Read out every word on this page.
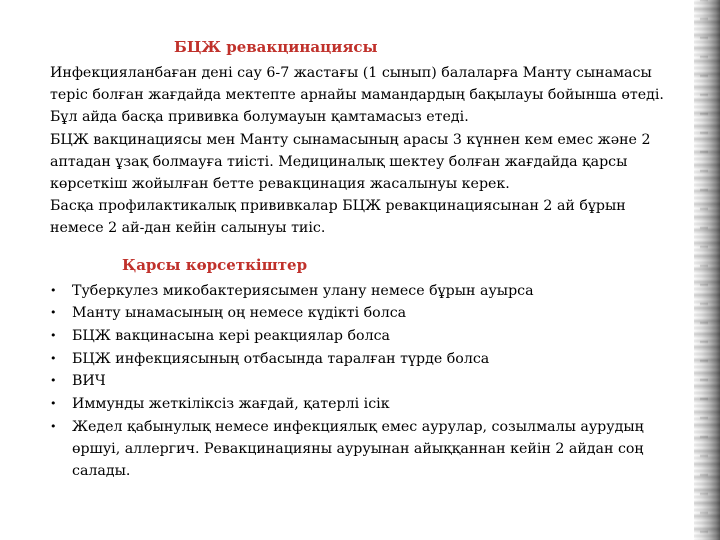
БЦЖ ревакцинациясы

Инфекцияланбаған дені сау 6-7 жастағы (1 сынып) балаларға Манту сынамасы теріс болған жағдайда мектепте арнайы мамандардың бақылауы бойынша өтеді. Бұл айда басқа прививка болумауын қамтамасыз етеді.

БЦЖ вакцинациясы мен Манту сынамасының арасы 3 күннен кем емес және 2 аптадан ұзақ болмауға тиісті. Медициналық шектеу болған жағдайда қарсы көрсеткіш жойылған бетте ревакцинация жасалынуы керек.

Басқа профилактикалық прививкалар БЦЖ ревакцинациясынан 2 ай бұрын немесе 2 ай-дан кейін салынуы тиіс.

Қарсы көрсеткіштер
• Туберкулез микобактериясымен улану немесе бұрын ауырса
• Манту ынамасының оң немесе күдікті болса
• БЦЖ вакцинасына кері реакциялар болса
• БЦЖ инфекциясының отбасында таралған түрде болса
• ВИЧ
• Иммунды жеткіліксіз жағдай, қатерлі ісік
• Жедел қабынулық немесе инфекциялық емес аурулар, созылмалы аурудың өршуі, аллергич. Ревакцинацияны ауруынан айыққаннан кейін 2 айдан соң салады.
